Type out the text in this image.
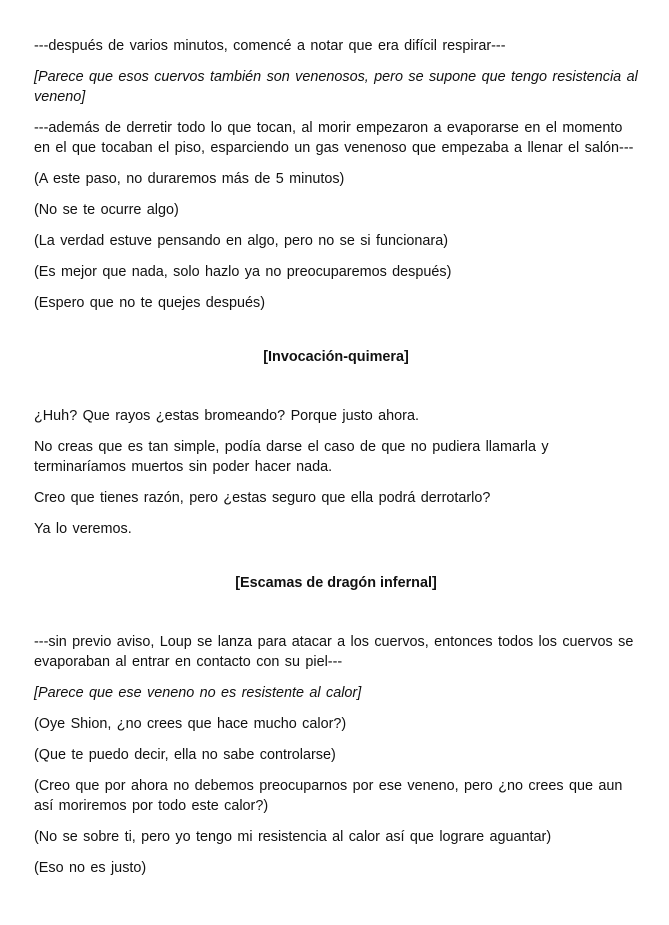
---después de varios minutos, comencé a notar que era difícil respirar---

[Parece que esos cuervos también son venenosos, pero se supone que tengo resistencia al veneno]

---además de derretir todo lo que tocan, al morir empezaron a evaporarse en el momento en el que tocaban el piso, esparciendo un gas venenoso que empezaba a llenar el salón---

(A este paso, no duraremos más de 5 minutos)

(No se te ocurre algo)

(La verdad estuve pensando en algo, pero no se si funcionara)

(Es mejor que nada, solo hazlo ya no preocuparemos después)

(Espero que no te quejes después)

[Invocación-quimera]

¿Huh? Que rayos ¿estas bromeando? Porque justo ahora.

No creas que es tan simple, podía darse el caso de que no pudiera llamarla y terminaríamos muertos sin poder hacer nada.

Creo que tienes razón, pero ¿estas seguro que ella podrá derrotarlo?

Ya lo veremos.

[Escamas de dragón infernal]

---sin previo aviso, Loup se lanza para atacar a los cuervos, entonces todos los cuervos se evaporaban al entrar en contacto con su piel---

[Parece que ese veneno no es resistente al calor]

(Oye Shion, ¿no crees que hace mucho calor?)

(Que te puedo decir, ella no sabe controlarse)

(Creo que por ahora no debemos preocuparnos por ese veneno, pero ¿no crees que aun así moriremos por todo este calor?)

(No se sobre ti, pero yo tengo mi resistencia al calor así que lograre aguantar)

(Eso no es justo)
